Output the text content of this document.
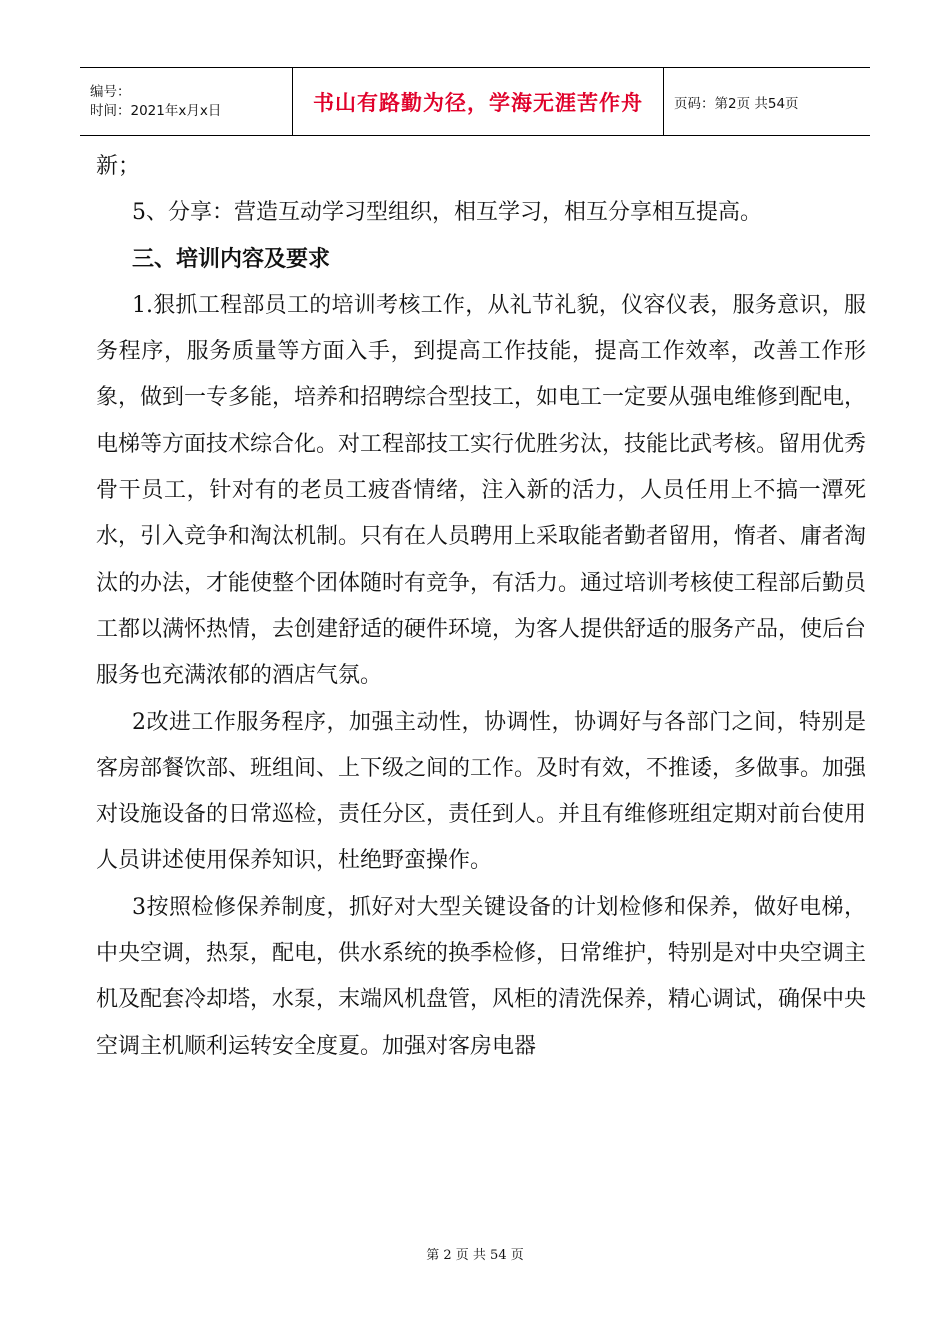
编号：
时间：2021年x月x日	书山有路勤为径，学海无涯苦作舟	页码：第2页 共54页

新；

5、分享：营造互动学习型组织，相互学习，相互分享相互提高。

三、培训内容及要求

1.狠抓工程部员工的培训考核工作，从礼节礼貌，仪容仪表，服务意识，服务程序，服务质量等方面入手，到提高工作技能，提高工作效率，改善工作形象，做到一专多能，培养和招聘综合型技工，如电工一定要从强电维修到配电，电梯等方面技术综合化。对工程部技工实行优胜劣汰，技能比武考核。留用优秀骨干员工，针对有的老员工疲沓情绪，注入新的活力，人员任用上不搞一潭死水，引入竞争和淘汰机制。只有在人员聘用上采取能者勤者留用，惰者、庸者淘汰的办法，才能使整个团体随时有竞争，有活力。通过培训考核使工程部后勤员工都以满怀热情，去创建舒适的硬件环境，为客人提供舒适的服务产品，使后台服务也充满浓郁的酒店气氛。

2改进工作服务程序，加强主动性，协调性，协调好与各部门之间，特别是客房部餐饮部、班组间、上下级之间的工作。及时有效，不推诿，多做事。加强对设施设备的日常巡检，责任分区，责任到人。并且有维修班组定期对前台使用人员讲述使用保养知识，杜绝野蛮操作。

3按照检修保养制度，抓好对大型关键设备的计划检修和保养，做好电梯，中央空调，热泵，配电，供水系统的换季检修，日常维护，特别是对中央空调主机及配套冷却塔，水泵，末端风机盘管，风柜的清洗保养，精心调试，确保中央空调主机顺利运转安全度夏。加强对客房电器

第 2 页 共 54 页
